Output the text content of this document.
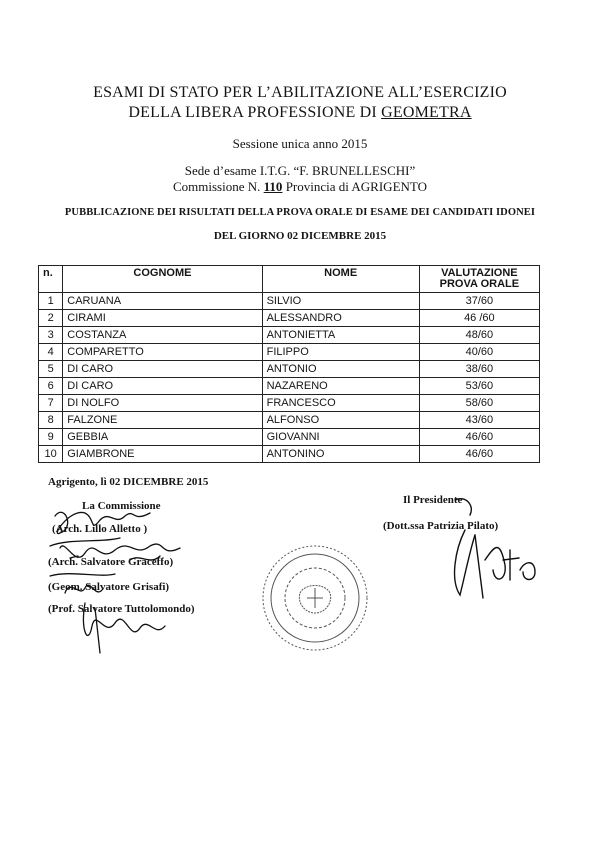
ESAMI DI STATO PER L’ABILITAZIONE ALL’ESERCIZIO
DELLA LIBERA PROFESSIONE DI GEOMETRA
Sessione unica anno 2015
Sede d’esame I.T.G. “F. BRUNELLESCHI”
Commissione N. 110 Provincia di AGRIGENTO
PUBBLICAZIONE DEI RISULTATI DELLA PROVA ORALE DI ESAME DEI CANDIDATI IDONEI
DEL GIORNO 02 DICEMBRE 2015
n.	COGNOME	NOME	VALUTAZIONE PROVA ORALE
1	CARUANA	SILVIO	37/60
2	CIRAMI	ALESSANDRO	46 /60
3	COSTANZA	ANTONIETTA	48/60
4	COMPARETTO	FILIPPO	40/60
5	DI CARO	ANTONIO	38/60
6	DI CARO	NAZARENO	53/60
7	DI NOLFO	FRANCESCO	58/60
8	FALZONE	ALFONSO	43/60
9	GEBBIA	GIOVANNI	46/60
10	GIAMBRONE	ANTONINO	46/60
Agrigento, lì 02 DICEMBRE 2015
La Commissione
(Arch. Lillo Alletto )
(Arch. Salvatore Graceffo)
(Geom. Salvatore Grisafi)
(Prof. Salvatore Tuttolomondo)
Il Presidente
(Dott.ssa Patrizia Pilato)
